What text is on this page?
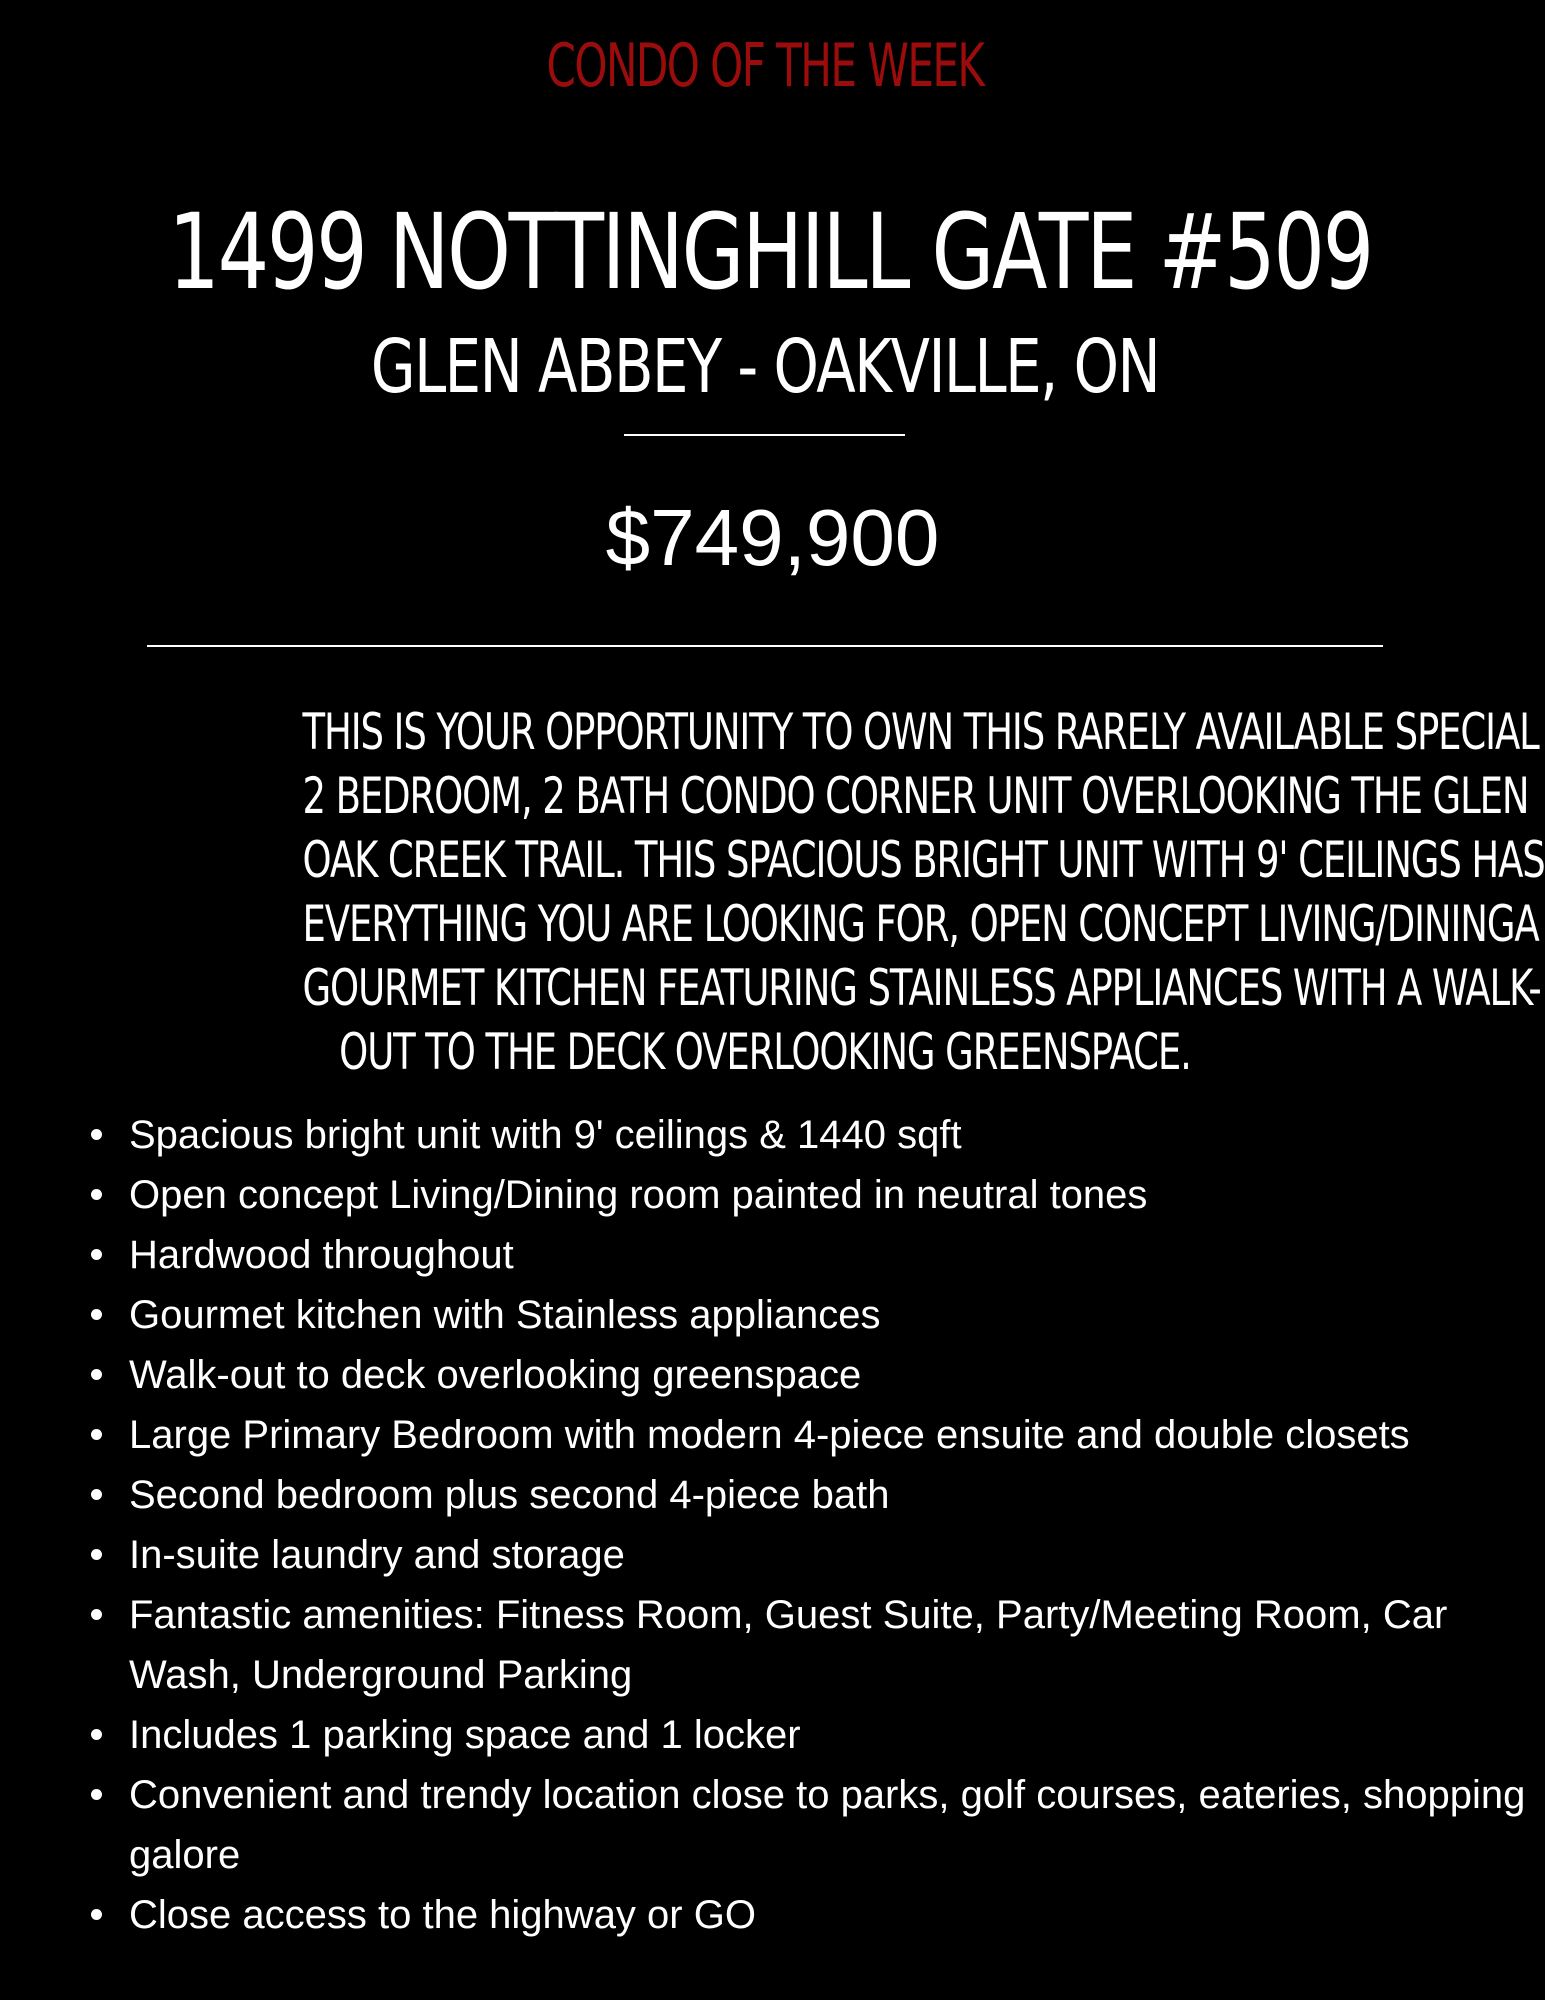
CONDO OF THE WEEK
1499 NOTTINGHILL GATE #509
GLEN ABBEY - OAKVILLE, ON
$749,900
THIS IS YOUR OPPORTUNITY TO OWN THIS RARELY AVAILABLE SPECIAL
2 BEDROOM, 2 BATH CONDO CORNER UNIT OVERLOOKING THE GLEN
OAK CREEK TRAIL. THIS SPACIOUS BRIGHT UNIT WITH 9' CEILINGS HAS
EVERYTHING YOU ARE LOOKING FOR, OPEN CONCEPT LIVING/DININGA
GOURMET KITCHEN FEATURING STAINLESS APPLIANCES WITH A WALK-
OUT TO THE DECK OVERLOOKING GREENSPACE.
Spacious bright unit with 9' ceilings & 1440 sqft
Open concept Living/Dining room painted in neutral tones
Hardwood throughout
Gourmet kitchen with Stainless appliances
Walk-out to deck overlooking greenspace
Large Primary Bedroom with modern 4-piece ensuite and double closets
Second bedroom plus second 4-piece bath
In-suite laundry and storage
Fantastic amenities: Fitness Room, Guest Suite, Party/Meeting Room, Car Wash, Underground Parking
Includes 1 parking space and 1 locker
Convenient and trendy location close to parks, golf courses, eateries, shopping galore
Close access to the highway or GO
